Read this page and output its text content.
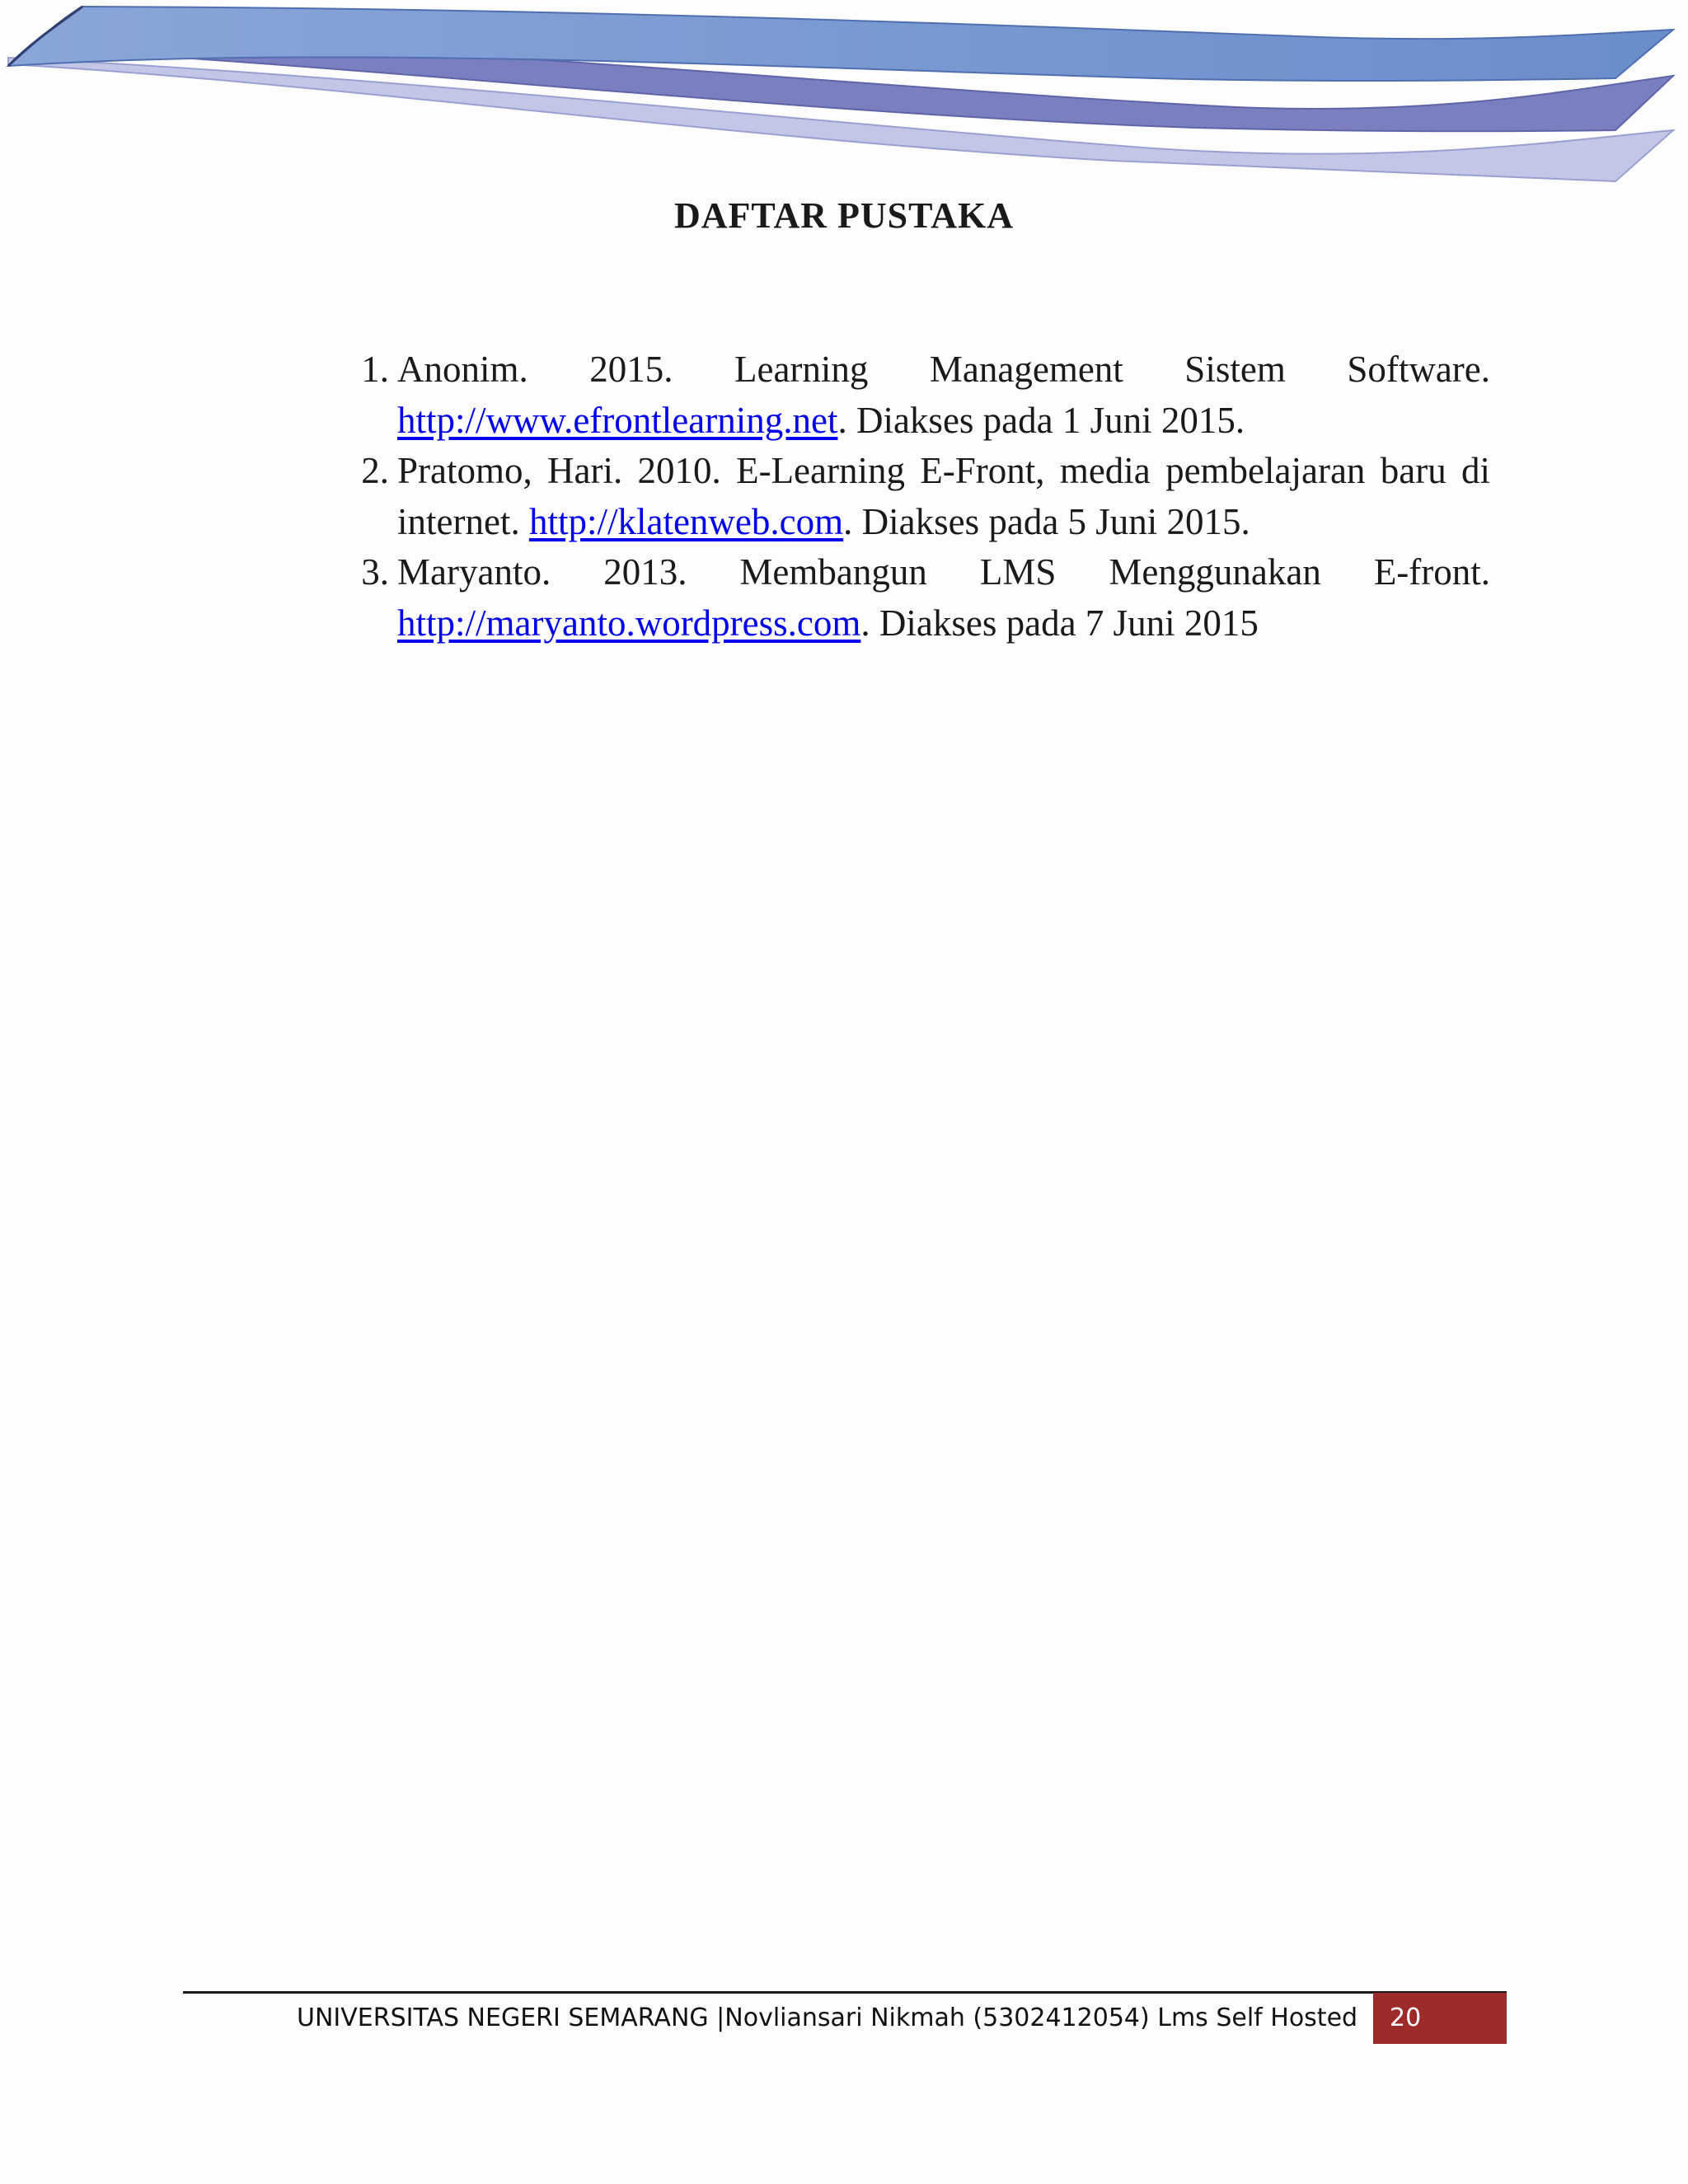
DAFTAR PUSTAKA
1. Anonim. 2015. Learning Management Sistem Software.
http://www.efrontlearning.net. Diakses pada 1 Juni 2015.
2. Pratomo, Hari. 2010. E-Learning E-Front, media pembelajaran baru di
internet. http://klatenweb.com. Diakses pada 5 Juni 2015.
3. Maryanto. 2013. Membangun LMS Menggunakan E-front.
http://maryanto.wordpress.com. Diakses pada 7 Juni 2015
UNIVERSITAS NEGERI SEMARANG |Novliansari Nikmah (5302412054) Lms Self Hosted	20
